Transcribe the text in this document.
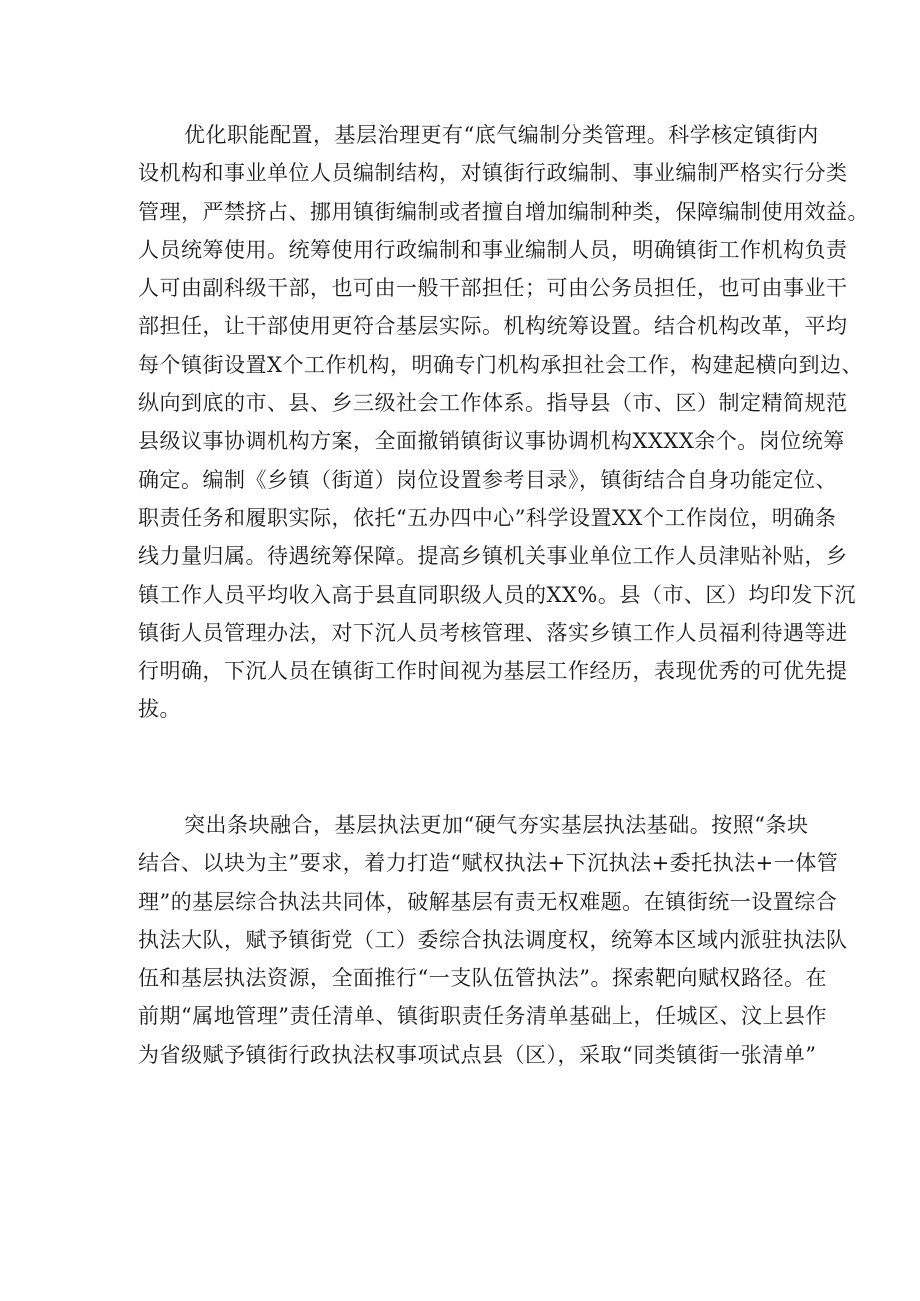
优化职能配置，基层治理更有“底气编制分类管理。科学核定镇街内
设机构和事业单位人员编制结构，对镇街行政编制、事业编制严格实行分类
管理，严禁挤占、挪用镇街编制或者擅自增加编制种类，保障编制使用效益。
人员统筹使用。统筹使用行政编制和事业编制人员，明确镇街工作机构负责
人可由副科级干部，也可由一般干部担任；可由公务员担任，也可由事业干
部担任，让干部使用更符合基层实际。机构统筹设置。结合机构改革，平均
每个镇街设置X个工作机构，明确专门机构承担社会工作，构建起横向到边、
纵向到底的市、县、乡三级社会工作体系。指导县（市、区）制定精简规范
县级议事协调机构方案，全面撤销镇街议事协调机构XXXX余个。岗位统筹
确定。编制《乡镇（街道）岗位设置参考目录》，镇街结合自身功能定位、
职责任务和履职实际，依托“五办四中心”科学设置XX个工作岗位，明确条
线力量归属。待遇统筹保障。提高乡镇机关事业单位工作人员津贴补贴，乡
镇工作人员平均收入高于县直同职级人员的XX%。县（市、区）均印发下沉
镇街人员管理办法，对下沉人员考核管理、落实乡镇工作人员福利待遇等进
行明确，下沉人员在镇街工作时间视为基层工作经历，表现优秀的可优先提
拔。
突出条块融合，基层执法更加“硬气夯实基层执法基础。按照“条块
结合、以块为主”要求，着力打造“赋权执法+下沉执法+委托执法+一体管
理”的基层综合执法共同体，破解基层有责无权难题。在镇街统一设置综合
执法大队，赋予镇街党（工）委综合执法调度权，统筹本区域内派驻执法队
伍和基层执法资源，全面推行“一支队伍管执法”。探索靶向赋权路径。在
前期“属地管理”责任清单、镇街职责任务清单基础上，任城区、汶上县作
为省级赋予镇街行政执法权事项试点县（区），采取“同类镇街一张清单”
